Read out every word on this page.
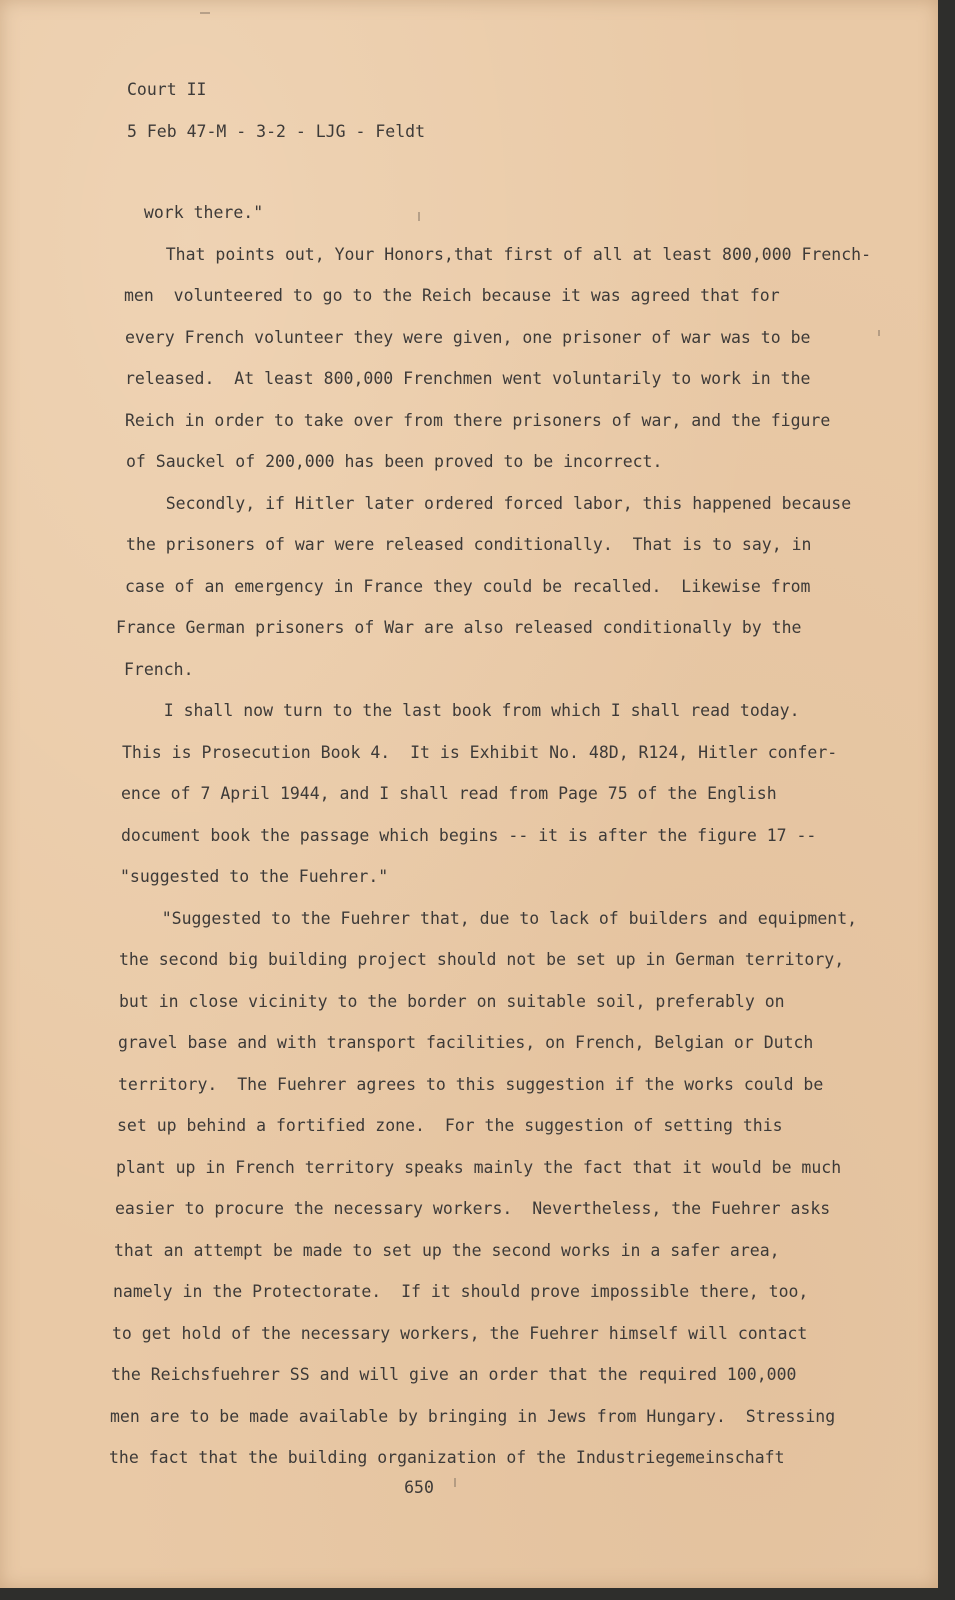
Court II
5 Feb 47-M - 3-2 - LJG - Feldt
work there."
That points out, Your Honors,that first of all at least 800,000 French-
men  volunteered to go to the Reich because it was agreed that for
every French volunteer they were given, one prisoner of war was to be
released.  At least 800,000 Frenchmen went voluntarily to work in the
Reich in order to take over from there prisoners of war, and the figure
of Sauckel of 200,000 has been proved to be incorrect.
Secondly, if Hitler later ordered forced labor, this happened because
the prisoners of war were released conditionally.  That is to say, in
case of an emergency in France they could be recalled.  Likewise from
France German prisoners of War are also released conditionally by the
French.
I shall now turn to the last book from which I shall read today.
This is Prosecution Book 4.  It is Exhibit No. 48D, R124, Hitler confer-
ence of 7 April 1944, and I shall read from Page 75 of the English
document book the passage which begins -- it is after the figure 17 --
"suggested to the Fuehrer."
"Suggested to the Fuehrer that, due to lack of builders and equipment,
the second big building project should not be set up in German territory,
but in close vicinity to the border on suitable soil, preferably on
gravel base and with transport facilities, on French, Belgian or Dutch
territory.  The Fuehrer agrees to this suggestion if the works could be
set up behind a fortified zone.  For the suggestion of setting this
plant up in French territory speaks mainly the fact that it would be much
easier to procure the necessary workers.  Nevertheless, the Fuehrer asks
that an attempt be made to set up the second works in a safer area,
namely in the Protectorate.  If it should prove impossible there, too,
to get hold of the necessary workers, the Fuehrer himself will contact
the Reichsfuehrer SS and will give an order that the required 100,000
men are to be made available by bringing in Jews from Hungary.  Stressing
the fact that the building organization of the Industriegemeinschaft
650
